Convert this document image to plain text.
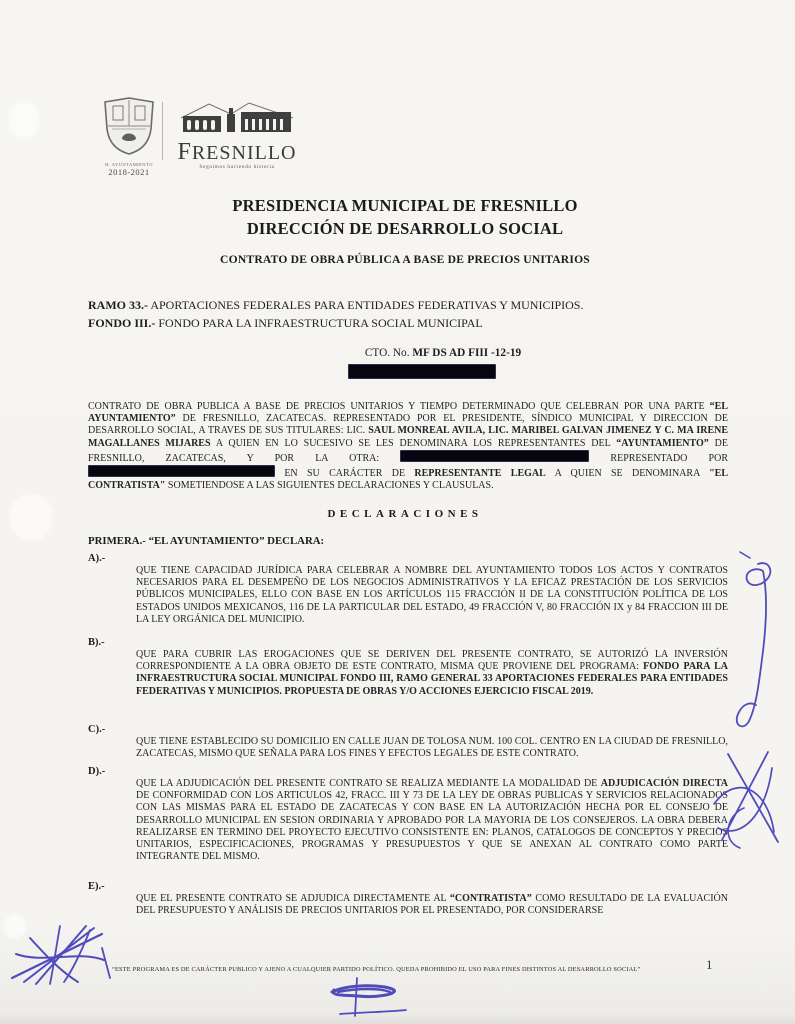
H. AYUNTAMIENTO
2018-2021
FRESNILLO
Seguimos haciendo historia
PRESIDENCIA MUNICIPAL DE FRESNILLO
DIRECCIÓN DE DESARROLLO SOCIAL
CONTRATO DE OBRA PÚBLICA A BASE DE PRECIOS UNITARIOS
RAMO 33.- APORTACIONES FEDERALES PARA ENTIDADES FEDERATIVAS Y MUNICIPIOS.
FONDO III.- FONDO PARA LA INFRAESTRUCTURA SOCIAL MUNICIPAL
CTO. No. MF DS AD FIII -12-19

CONTRATO DE OBRA PUBLICA A BASE DE PRECIOS UNITARIOS Y TIEMPO DETERMINADO QUE CELEBRAN POR UNA PARTE “EL AYUNTAMIENTO” DE FRESNILLO, ZACATECAS. REPRESENTADO POR EL PRESIDENTE, SÍNDICO MUNICIPAL Y DIRECCION DE DESARROLLO SOCIAL, A TRAVES DE SUS TITULARES: LIC. SAUL MONREAL AVILA, LIC. MARIBEL GALVAN JIMENEZ Y C. MA IRENE MAGALLANES MIJARES A QUIEN EN LO SUCESIVO SE LES DENOMINARA LOS REPRESENTANTES DEL “AYUNTAMIENTO” DE FRESNILLO, ZACATECAS, Y POR LA OTRA:	REPRESENTADO POR  EN SU CARÁCTER DE REPRESENTANTE LEGAL A QUIEN SE DENOMINARA "EL CONTRATISTA" SOMETIENDOSE A LAS SIGUIENTES DECLARACIONES Y CLAUSULAS.

DECLARACIONES
PRIMERA.- “EL AYUNTAMIENTO” DECLARA:
A).-

QUE TIENE CAPACIDAD JURÍDICA PARA CELEBRAR A NOMBRE DEL AYUNTAMIENTO TODOS LOS ACTOS Y CONTRATOS NECESARIOS PARA EL DESEMPEÑO DE LOS NEGOCIOS ADMINISTRATIVOS Y LA EFICAZ PRESTACIÓN DE LOS SERVICIOS PÚBLICOS MUNICIPALES, ELLO CON BASE EN LOS ARTÍCULOS 115 FRACCIÓN II DE LA CONSTITUCIÓN POLÍTICA DE LOS ESTADOS UNIDOS MEXICANOS, 116 DE LA PARTICULAR DEL ESTADO, 49 FRACCIÓN V, 80 FRACCIÓN IX y 84 FRACCION III DE LA LEY ORGÁNICA DEL MUNICIPIO.

B).-

QUE PARA CUBRIR LAS EROGACIONES QUE SE DERIVEN DEL PRESENTE CONTRATO, SE AUTORIZÓ LA INVERSIÓN CORRESPONDIENTE A LA OBRA OBJETO DE ESTE CONTRATO, MISMA QUE PROVIENE DEL PROGRAMA: FONDO PARA LA INFRAESTRUCTURA SOCIAL MUNICIPAL FONDO III, RAMO GENERAL 33 APORTACIONES FEDERALES PARA ENTIDADES FEDERATIVAS Y MUNICIPIOS. PROPUESTA DE OBRAS Y/O ACCIONES EJERCICIO FISCAL 2019.

C).-

QUE TIENE ESTABLECIDO SU DOMICILIO EN CALLE JUAN DE TOLOSA NUM. 100 COL. CENTRO EN LA CIUDAD DE FRESNILLO, ZACATECAS, MISMO QUE SEÑALA PARA LOS FINES Y EFECTOS LEGALES DE ESTE CONTRATO.

D).-

QUE LA ADJUDICACIÓN DEL PRESENTE CONTRATO SE REALIZA MEDIANTE LA MODALIDAD DE ADJUDICACIÓN DIRECTA DE CONFORMIDAD CON LOS ARTICULOS 42, FRACC. III Y 73 DE LA LEY DE OBRAS PUBLICAS Y SERVICIOS RELACIONADOS CON LAS MISMAS PARA EL ESTADO DE ZACATECAS Y CON BASE EN LA AUTORIZACIÓN HECHA POR EL CONSEJO DE DESARROLLO MUNICIPAL EN SESION ORDINARIA Y APROBADO POR LA MAYORIA DE LOS CONSEJEROS. LA OBRA DEBERA REALIZARSE EN TERMINO DEL PROYECTO EJECUTIVO CONSISTENTE EN: PLANOS, CATALOGOS DE CONCEPTOS Y PRECIOS UNITARIOS, ESPECIFICACIONES, PROGRAMAS Y PRESUPUESTOS Y QUE SE ANEXAN AL CONTRATO COMO PARTE INTEGRANTE DEL MISMO.

E).-

QUE EL PRESENTE CONTRATO SE ADJUDICA DIRECTAMENTE AL “CONTRATISTA” COMO RESULTADO DE LA EVALUACIÓN DEL PRESUPUESTO Y ANÁLISIS DE PRECIOS UNITARIOS POR EL PRESENTADO, POR CONSIDERARSE

“ESTE PROGRAMA ES DE CARÁCTER PUBLICO Y AJENO A CUALQUIER PARTIDO POLÍTICO. QUEDA PROHIBIDO EL USO PARA FINES DISTINTOS AL DESARROLLO SOCIAL”	1
